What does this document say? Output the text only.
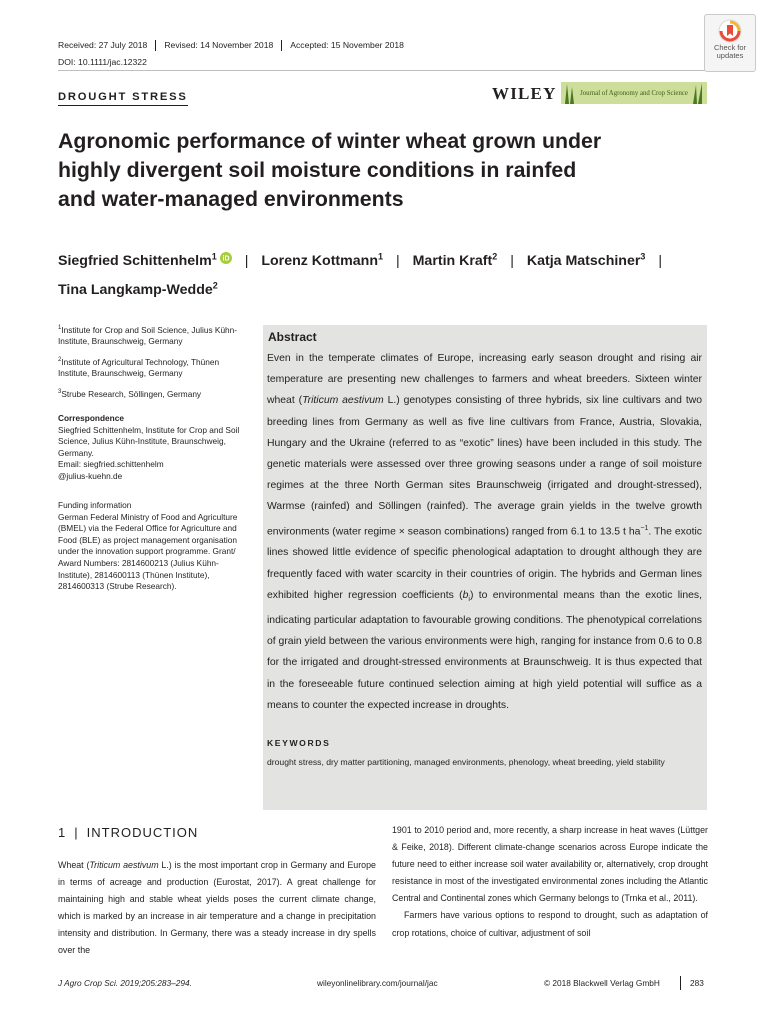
Received: 27 July 2018	Revised: 14 November 2018	Accepted: 15 November 2018
DOI: 10.1111/jac.12322
Check for
updates
DROUGHT STRESS	WILEY	Journal of Agronomy and Crop Science
Agronomic performance of winter wheat grown under highly divergent soil moisture conditions in rainfed and water-managed environments
Siegfried Schittenhelm$^1$ iD | Lorenz Kottmann$^1$ | Martin Kraft$^2$ | Katja Matschiner$^3$ |
Tina Langkamp-Wedde$^2$
$^1$Institute for Crop and Soil Science, Julius Kühn-Institute, Braunschweig, Germany
$^2$Institute of Agricultural Technology, Thünen Institute, Braunschweig, Germany
$^3$Strube Research, Söllingen, Germany
Correspondence
Siegfried Schittenhelm, Institute for Crop and Soil Science, Julius Kühn-Institute, Braunschweig, Germany.
Email: siegfried.schittenhelm
@julius-kuehn.de
Funding information
German Federal Ministry of Food and Agriculture (BMEL) via the Federal Office for Agriculture and Food (BLE) as project management organisation under the innovation support programme. Grant/ Award Numbers: 2814600213 (Julius Kühn-Institute), 2814600113 (Thünen Institute), 2814600313 (Strube Research).
Abstract
Even in the temperate climates of Europe, increasing early season drought and rising air temperature are presenting new challenges to farmers and wheat breeders. Sixteen winter wheat (Triticum aestivum L.) genotypes consisting of three hybrids, six line cultivars and two breeding lines from Germany as well as five line cultivars from France, Austria, Slovakia, Hungary and the Ukraine (referred to as “exotic” lines) have been included in this study. The genetic materials were assessed over three growing seasons under a range of soil moisture regimes at the three North German sites Braunschweig (irrigated and drought-stressed), Warmse (rainfed) and Söllingen (rainfed). The average grain yields in the twelve growth environments (water regime × season combinations) ranged from 6.1 to 13.5 t $ha^{-1}$. The exotic lines showed little evidence of specific phenological adaptation to drought although they are frequently faced with water scarcity in their countries of origin. The hybrids and German lines exhibited higher regression coefficients $(b_i)$ to environmental means than the exotic lines, indicating particular adaptation to favourable growing conditions. The phenotypical correlations of grain yield between the various environments were high, ranging for instance from 0.6 to 0.8 for the irrigated and drought-stressed environments at Braunschweig. It is thus expected that in the foreseeable future continued selection aiming at high yield potential will suffice as a means to counter the expected increase in droughts.
KEYWORDS
drought stress, dry matter partitioning, managed environments, phenology, wheat breeding, yield stability
1 | INTRODUCTION
Wheat (Triticum aestivum L.) is the most important crop in Germany and Europe in terms of acreage and production (Eurostat, 2017). A great challenge for maintaining high and stable wheat yields poses the current climate change, which is marked by an increase in air temperature and a change in precipitation intensity and distribution. In Germany, there was a steady increase in dry spells over the
1901 to 2010 period and, more recently, a sharp increase in heat waves (Lüttger & Feike, 2018). Different climate-change scenarios across Europe indicate the future need to either increase soil water availability or, alternatively, crop drought resistance in most of the investigated environmental zones including the Atlantic Central and Continental zones which Germany belongs to (Trnka et al., 2011).
Farmers have various options to respond to drought, such as adaptation of crop rotations, choice of cultivar, adjustment of soil
J Agro Crop Sci. 2019;205:283–294.	wileyonlinelibrary.com/journal/jac	© 2018 Blackwell Verlag GmbH	283
